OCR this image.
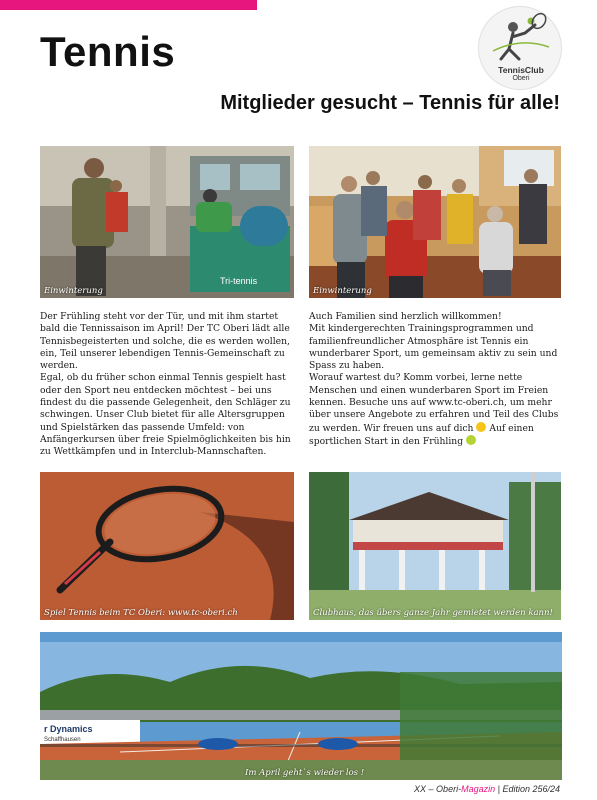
Tennis	TennisClub
Oberi
Mitglieder gesucht – Tennis für alle!
Tri-tennis
Einwinterung	Einwinterung

Der Frühling steht vor der Tür, und mit ihm startet bald die Tennissaison im April! Der TC Oberi lädt alle Tennisbegeisterten und solche, die es werden wollen, ein, Teil unserer lebendigen Tennis-Gemeinschaft zu werden.
Egal, ob du früher schon einmal Tennis gespielt hast oder den Sport neu entdecken möchtest – bei uns findest du die passende Gelegenheit, den Schläger zu schwingen. Unser Club bietet für alle Altersgruppen und Spielstärken das passende Umfeld: von Anfängerkursen über freie Spielmöglichkeiten bis hin zu Wettkämpfen und in Interclub-Mannschaften.

Auch Familien sind herzlich willkommen!
Mit kindergerechten Trainingsprogrammen und familienfreundlicher Atmosphäre ist Tennis ein wunderbarer Sport, um gemeinsam aktiv zu sein und Spass zu haben.
Worauf wartest du? Komm vorbei, lerne nette Menschen und einen wunderbaren Sport im Freien kennen. Besuche uns auf www.tc-oberi.ch, um mehr über unsere Angebote zu erfahren und Teil des Clubs zu werden. Wir freuen uns auf dich Auf einen sportlichen Start in den Frühling

Spiel Tennis beim TC Oberi: www.tc-oberi.ch	Clubhaus, das übers ganze Jahr gemietet werden kann!
r Dynamics
Schaffhausen
Im April geht`s wieder los !
XX – Oberi-Magazin | Edition 256/24
